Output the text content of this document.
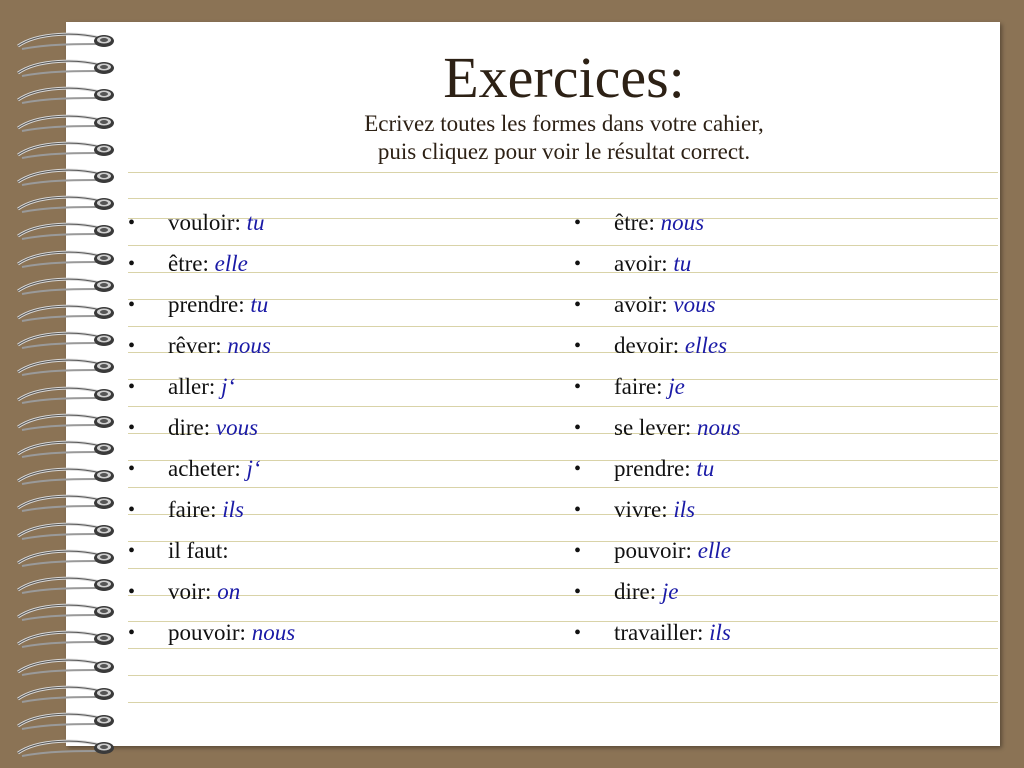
Exercices:
Ecrivez toutes les formes dans votre cahier,
puis cliquez pour voir le résultat correct.
• vouloir: tu
• être: elle
• prendre: tu
• rêver: nous
• aller: j‘
• dire: vous
• acheter: j‘
• faire: ils
• il faut:
• voir: on
• pouvoir: nous
• être: nous
• avoir: tu
• avoir: vous
• devoir: elles
• faire: je
• se lever: nous
• prendre: tu
• vivre: ils
• pouvoir: elle
• dire: je
• travailler: ils
